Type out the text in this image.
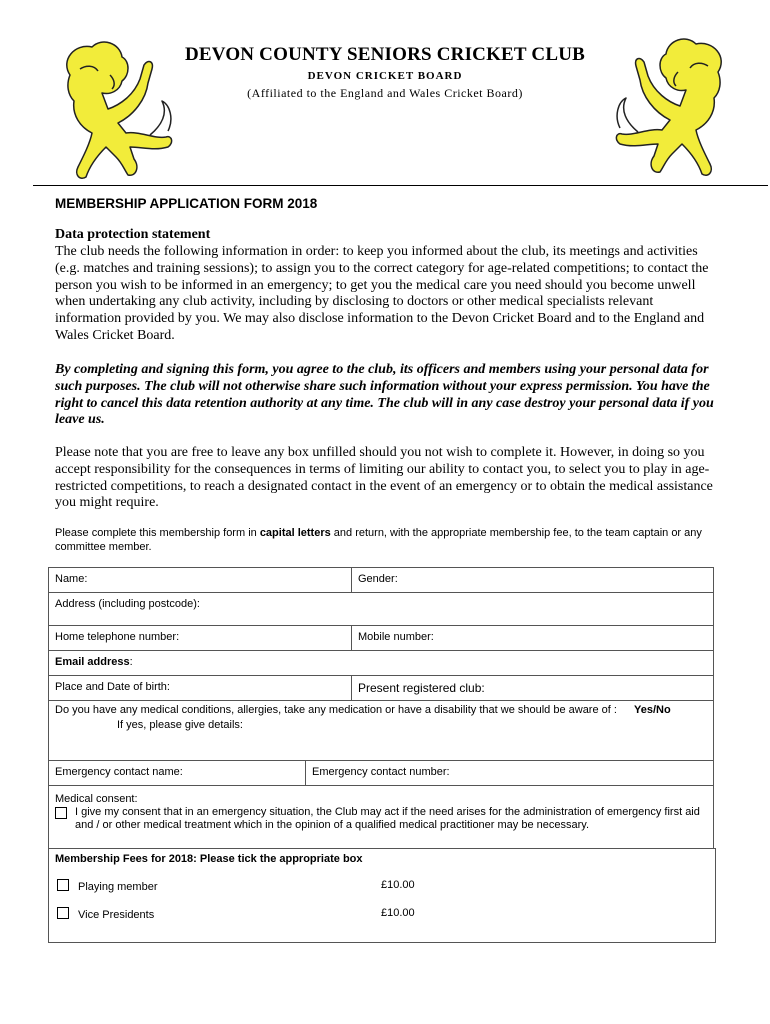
DEVON COUNTY SENIORS CRICKET CLUB
DEVON CRICKET BOARD
(Affiliated to the England and Wales Cricket Board)
MEMBERSHIP APPLICATION FORM 2018
Data protection statement

The club needs the following information in order: to keep you informed about the club, its meetings and activities (e.g. matches and training sessions); to assign you to the correct category for age-related competitions; to contact the person you wish to be informed in an emergency; to get you the medical care you need should you become unwell when undertaking any club activity, including by disclosing to doctors or other medical specialists relevant information provided by you. We may also disclose information to the Devon Cricket Board and to the England and Wales Cricket Board.

By completing and signing this form, you agree to the club, its officers and members using your personal data for such purposes. The club will not otherwise share such information without your express permission. You have the right to cancel this data retention authority at any time. The club will in any case destroy your personal data if you leave us.

Please note that you are free to leave any box unfilled should you not wish to complete it. However, in doing so you accept responsibility for the consequences in terms of limiting our ability to contact you, to select you to play in age-restricted competitions, to reach a designated contact in the event of an emergency or to obtain the medical assistance you might require.

Please complete this membership form in capital letters and return, with the appropriate membership fee, to the team captain or any committee member.

Name:	Gender:
Address (including postcode):
Home telephone number:	Mobile number:
Email address:
Place and Date of birth:	Present registered club:
Do you have any medical conditions, allergies, take any medication or have a disability that we should be aware of : Yes/No If yes, please give details:
Emergency contact name:	Emergency contact number:
Medical consent:
I give my consent that in an emergency situation, the Club may act if the need arises for the administration of emergency first aid and / or other medical treatment which in the opinion of a qualified medical practitioner may be necessary.
Membership Fees for 2018: Please tick the appropriate box
Playing member	£10.00
Vice Presidents	£10.00
